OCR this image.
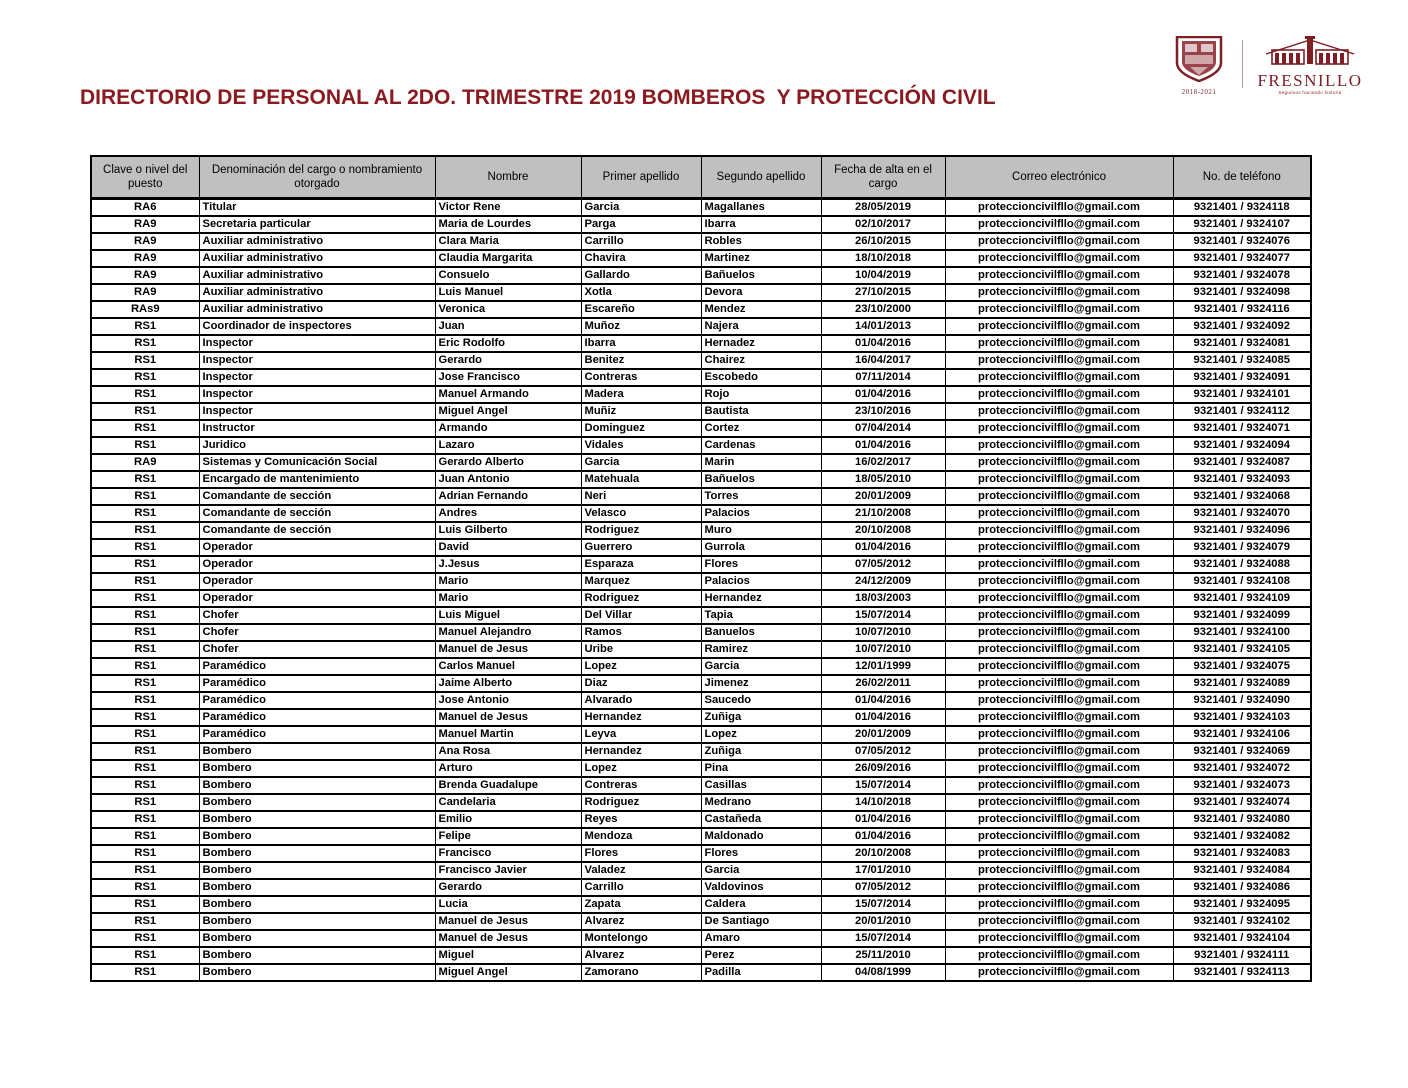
2018-2021
FRESNILLO
Seguimos haciendo historia
DIRECTORIO DE PERSONAL AL 2DO. TRIMESTRE 2019 BOMBEROS  Y PROTECCIÓN CIVIL
Clave o nivel del puesto	Denominación del cargo o nombramiento otorgado	Nombre	Primer apellido	Segundo apellido	Fecha de alta en el cargo	Correo electrónico	No. de teléfono
RA6	Titular	Victor Rene	Garcia	Magallanes	28/05/2019	proteccioncivilfllo@gmail.com	9321401 / 9324118
RA9	Secretaria particular	Maria de Lourdes	Parga	Ibarra	02/10/2017	proteccioncivilfllo@gmail.com	9321401 / 9324107
RA9	Auxiliar administrativo	Clara Maria	Carrillo	Robles	26/10/2015	proteccioncivilfllo@gmail.com	9321401 / 9324076
RA9	Auxiliar administrativo	Claudia Margarita	Chavira	Martinez	18/10/2018	proteccioncivilfllo@gmail.com	9321401 / 9324077
RA9	Auxiliar administrativo	Consuelo	Gallardo	Bañuelos	10/04/2019	proteccioncivilfllo@gmail.com	9321401 / 9324078
RA9	Auxiliar administrativo	Luis Manuel	Xotla	Devora	27/10/2015	proteccioncivilfllo@gmail.com	9321401 / 9324098
RAs9	Auxiliar administrativo	Veronica	Escareño	Mendez	23/10/2000	proteccioncivilfllo@gmail.com	9321401 / 9324116
RS1	Coordinador de inspectores	Juan	Muñoz	Najera	14/01/2013	proteccioncivilfllo@gmail.com	9321401 / 9324092
RS1	Inspector	Eric Rodolfo	Ibarra	Hernadez	01/04/2016	proteccioncivilfllo@gmail.com	9321401 / 9324081
RS1	Inspector	Gerardo	Benitez	Chairez	16/04/2017	proteccioncivilfllo@gmail.com	9321401 / 9324085
RS1	Inspector	Jose Francisco	Contreras	Escobedo	07/11/2014	proteccioncivilfllo@gmail.com	9321401 / 9324091
RS1	Inspector	Manuel Armando	Madera	Rojo	01/04/2016	proteccioncivilfllo@gmail.com	9321401 / 9324101
RS1	Inspector	Miguel Angel	Muñiz	Bautista	23/10/2016	proteccioncivilfllo@gmail.com	9321401 / 9324112
RS1	Instructor	Armando	Dominguez	Cortez	07/04/2014	proteccioncivilfllo@gmail.com	9321401 / 9324071
RS1	Juridico	Lazaro	Vidales	Cardenas	01/04/2016	proteccioncivilfllo@gmail.com	9321401 / 9324094
RA9	Sistemas y Comunicación Social	Gerardo Alberto	Garcia	Marin	16/02/2017	proteccioncivilfllo@gmail.com	9321401 / 9324087
RS1	Encargado de mantenimiento	Juan Antonio	Matehuala	Bañuelos	18/05/2010	proteccioncivilfllo@gmail.com	9321401 / 9324093
RS1	Comandante de sección	Adrian Fernando	Neri	Torres	20/01/2009	proteccioncivilfllo@gmail.com	9321401 / 9324068
RS1	Comandante de sección	Andres	Velasco	Palacios	21/10/2008	proteccioncivilfllo@gmail.com	9321401 / 9324070
RS1	Comandante de sección	Luis Gilberto	Rodriguez	Muro	20/10/2008	proteccioncivilfllo@gmail.com	9321401 / 9324096
RS1	Operador	David	Guerrero	Gurrola	01/04/2016	proteccioncivilfllo@gmail.com	9321401 / 9324079
RS1	Operador	J.Jesus	Esparaza	Flores	07/05/2012	proteccioncivilfllo@gmail.com	9321401 / 9324088
RS1	Operador	Mario	Marquez	Palacios	24/12/2009	proteccioncivilfllo@gmail.com	9321401 / 9324108
RS1	Operador	Mario	Rodriguez	Hernandez	18/03/2003	proteccioncivilfllo@gmail.com	9321401 / 9324109
RS1	Chofer	Luis Miguel	Del Villar	Tapia	15/07/2014	proteccioncivilfllo@gmail.com	9321401 / 9324099
RS1	Chofer	Manuel Alejandro	Ramos	Banuelos	10/07/2010	proteccioncivilfllo@gmail.com	9321401 / 9324100
RS1	Chofer	Manuel de Jesus	Uribe	Ramirez	10/07/2010	proteccioncivilfllo@gmail.com	9321401 / 9324105
RS1	Paramédico	Carlos Manuel	Lopez	Garcia	12/01/1999	proteccioncivilfllo@gmail.com	9321401 / 9324075
RS1	Paramédico	Jaime Alberto	Diaz	Jimenez	26/02/2011	proteccioncivilfllo@gmail.com	9321401 / 9324089
RS1	Paramédico	Jose Antonio	Alvarado	Saucedo	01/04/2016	proteccioncivilfllo@gmail.com	9321401 / 9324090
RS1	Paramédico	Manuel de Jesus	Hernandez	Zuñiga	01/04/2016	proteccioncivilfllo@gmail.com	9321401 / 9324103
RS1	Paramédico	Manuel Martin	Leyva	Lopez	20/01/2009	proteccioncivilfllo@gmail.com	9321401 / 9324106
RS1	Bombero	Ana Rosa	Hernandez	Zuñiga	07/05/2012	proteccioncivilfllo@gmail.com	9321401 / 9324069
RS1	Bombero	Arturo	Lopez	Pina	26/09/2016	proteccioncivilfllo@gmail.com	9321401 / 9324072
RS1	Bombero	Brenda Guadalupe	Contreras	Casillas	15/07/2014	proteccioncivilfllo@gmail.com	9321401 / 9324073
RS1	Bombero	Candelaria	Rodriguez	Medrano	14/10/2018	proteccioncivilfllo@gmail.com	9321401 / 9324074
RS1	Bombero	Emilio	Reyes	Castañeda	01/04/2016	proteccioncivilfllo@gmail.com	9321401 / 9324080
RS1	Bombero	Felipe	Mendoza	Maldonado	01/04/2016	proteccioncivilfllo@gmail.com	9321401 / 9324082
RS1	Bombero	Francisco	Flores	Flores	20/10/2008	proteccioncivilfllo@gmail.com	9321401 / 9324083
RS1	Bombero	Francisco Javier	Valadez	Garcia	17/01/2010	proteccioncivilfllo@gmail.com	9321401 / 9324084
RS1	Bombero	Gerardo	Carrillo	Valdovinos	07/05/2012	proteccioncivilfllo@gmail.com	9321401 / 9324086
RS1	Bombero	Lucia	Zapata	Caldera	15/07/2014	proteccioncivilfllo@gmail.com	9321401 / 9324095
RS1	Bombero	Manuel de Jesus	Alvarez	De Santiago	20/01/2010	proteccioncivilfllo@gmail.com	9321401 / 9324102
RS1	Bombero	Manuel de Jesus	Montelongo	Amaro	15/07/2014	proteccioncivilfllo@gmail.com	9321401 / 9324104
RS1	Bombero	Miguel	Alvarez	Perez	25/11/2010	proteccioncivilfllo@gmail.com	9321401 / 9324111
RS1	Bombero	Miguel Angel	Zamorano	Padilla	04/08/1999	proteccioncivilfllo@gmail.com	9321401 / 9324113
